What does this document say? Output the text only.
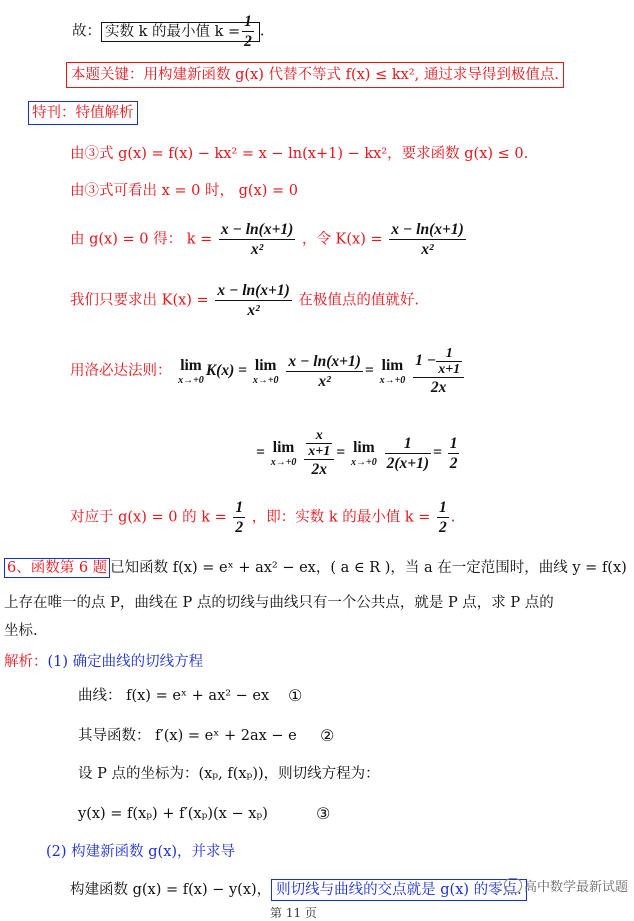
故： 实数 k 的最小值 $k = \frac{1}{2}$ .
本题关键：用构建新函数 g(x) 代替不等式 f(x) ≤ kx², 通过求导得到极值点.
特刊：特值解析
由③式 g(x) = f(x) − kx² = x − ln(x+1) − kx²，要求函数 g(x) ≤ 0.
由③式可看出 x = 0 时， g(x) = 0
由 g(x) = 0 得： $k = \frac{x - \ln(x+1)}{\text{x²}}$ ，令 $K(x) = \frac{x - \ln(x+1)}{\text{x²}}$
我们只要求出 $K(x) = \frac{x - \ln(x+1)}{\text{x²}}$ 在极值点的值就好.
用洛必达法则： lim
x→+0
K(x) = lim
x→+0
$\frac{x - \ln(x+1)}{\text{x²}} = \lim$
x→+0
$\frac{1 - \frac{1}{x+1}}{2x}$
= lim
x→+0
$\frac{\frac{x}{x+1}}{2x} = \lim$
x→+0
$\frac{1}{2(x+1)} = \frac{1}{2}$
对应于 g(x) = 0 的 $k = \frac{1}{2}$ ，即：实数 k 的最小值 $k = \frac{1}{2}$ .
6、函数第 6 题 已知函数 f(x) = eˣ + ax² − ex，( a ∈ R )，当 a 在一定范围时，曲线 y = f(x)
上存在唯一的点 P，曲线在 P 点的切线与曲线只有一个公共点，就是 P 点，求 P 点的
坐标.
解析：(1) 确定曲线的切线方程
曲线： f(x) = eˣ + ax² − ex ①
其导函数： f′(x) = eˣ + 2ax − e ②
设 P 点的坐标为：(xₚ, f(xₚ))，则切线方程为：
y(x) = f(xₚ) + f′(xₚ)(x − xₚ)	③
(2) 构建新函数 g(x)，并求导
构建函数 g(x) = f(x) − y(x)， 则切线与曲线的交点就是 g(x) 的零点. 高中数学最新试题
第 11 页
